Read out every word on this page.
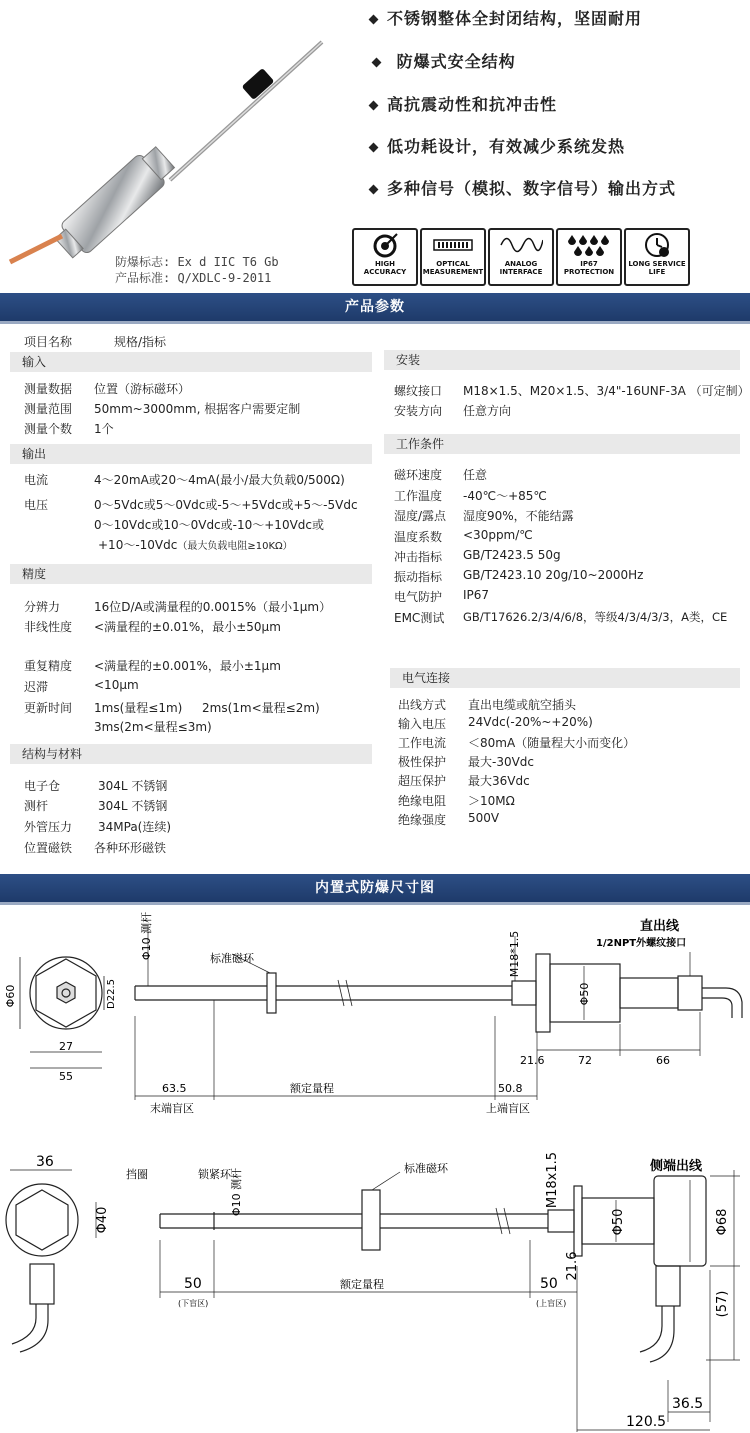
不锈钢整体全封闭结构，坚固耐用
防爆式安全结构
高抗震动性和抗冲击性
低功耗设计，有效减少系统发热
多种信号（模拟、数字信号）输出方式
防爆标志: Ex d IIC T6 Gb
产品标准: Q/XDLC-9-2011
HIGH
ACCURACY
OPTICAL
MEASUREMENT
ANALOG
INTERFACE
IP67
PROTECTION
LONG SERVICE
LIFE
产品参数
项目名称	规格/指标
输入
测量数据 位置（游标磁环）
测量范围 50mm~3000mm, 根据客户需要定制
测量个数 1个
输出
电流	4～20mA或20～4mA(最小/最大负载0/500Ω)
电压	0～5Vdc或5～0Vdc或-5～+5Vdc或+5～-5Vdc
0～10Vdc或10～0Vdc或-10～+10Vdc或
+10～-10Vdc（最大负载电阻≥10KΩ）
精度
分辨力	16位D/A或满量程的0.0015%（最小1μm）
非线性度 <满量程的±0.01%，最小±50μm
重复精度 <满量程的±0.001%，最小±1μm
迟滞	<10μm
更新时间 1ms(量程≤1m) 2ms(1m<量程≤2m)
3ms(2m<量程≤3m)
结构与材料
电子仓	304L 不锈钢
测杆	304L 不锈钢
外管压力 34MPa(连续)
位置磁铁 各种环形磁铁
安装
螺纹接口 M18×1.5、M20×1.5、3/4"-16UNF-3A （可定制）
安装方向 任意方向
工作条件
磁环速度 任意
工作温度 -40℃～+85℃
湿度/露点 湿度90%，不能结露
温度系数 <30ppm/℃
冲击指标 GB/T2423.5 50g
振动指标 GB/T2423.10 20g/10~2000Hz
电气防护 IP67
EMC测试 GB/T17626.2/3/4/6/8，等级4/3/4/3/3，A类，CE
电气连接
出线方式 直出电缆或航空插头
输入电压 24Vdc(-20%~+20%)
工作电流 ＜80mA（随量程大小而变化）
极性保护 最大-30Vdc
超压保护 最大36Vdc
绝缘电阻 ＞10MΩ
绝缘强度 500V
内置式防爆尺寸图
Φ60
27
55
D22.5
Φ10 测杆	标准磁环	M18*1.5
Φ50
直出线
1/2NPT外螺纹接口
21.6	72	66
63.5	额定量程	50.8
末端盲区	上端盲区
36
Φ40
挡圈	锁紧环 Φ10 测杆	标准磁环	M18x1.5	侧端出线
Φ50	Φ68
21.6
50	额定量程	50
(下盲区)	(上盲区)	(57)
36.5
120.5
